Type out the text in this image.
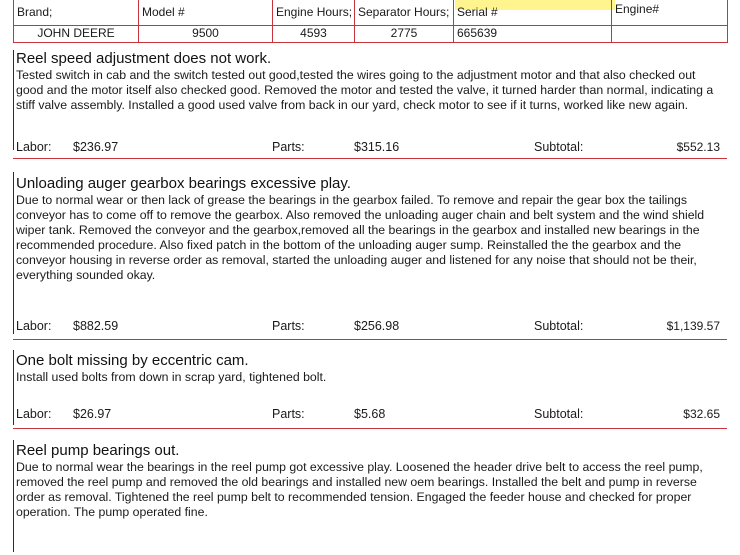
Brand;	Model #	Engine Hours;	Separator Hours;	Serial #	Engine#
JOHN DEERE	9500	4593	2775	665639	
Reel speed adjustment does not work.

Tested switch in cab and the switch tested out good,tested the wires going to the adjustment motor and that also checked out good and the motor itself also checked good. Removed the motor and tested the valve, it turned harder than normal, indicating a stiff valve assembly. Installed a good used valve from back in our yard, check motor to see if it turns, worked like new again.

Labor: $236.97	Parts:	$315.16	Subtotal:	$552.13
Unloading auger gearbox bearings excessive play.

Due to normal wear or then lack of grease the bearings in the gearbox failed. To remove and repair the gear box the tailings conveyor has to come off to remove the gearbox. Also removed the unloading auger chain and belt system and the wind shield wiper tank. Removed the conveyor and the gearbox,removed all the bearings in the gearbox and installed new bearings in the recommended procedure. Also fixed patch in the bottom of the unloading auger sump. Reinstalled the the gearbox and the conveyor housing in reverse order as removal, started the unloading auger and listened for any noise that should not be their, everything sounded okay.

Labor: $882.59	Parts:	$256.98	Subtotal:	$1,139.57
One bolt missing by eccentric cam.

Install used bolts from down in scrap yard, tightened bolt.

Labor: $26.97	Parts:	$5.68	Subtotal:	$32.65
Reel pump bearings out.

Due to normal wear the bearings in the reel pump got excessive play. Loosened the header drive belt to access the reel pump, removed the reel pump and removed the old bearings and installed new oem bearings. Installed the belt and pump in reverse order as removal. Tightened the reel pump belt to recommended tension. Engaged the feeder house and checked for proper operation. The pump operated fine.
